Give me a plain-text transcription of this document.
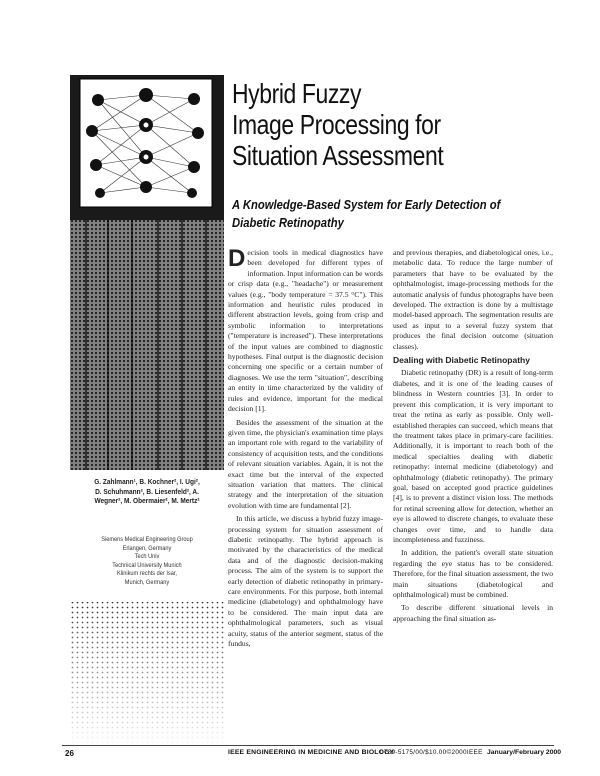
Hybrid Fuzzy
Image Processing for
Situation Assessment
A Knowledge-Based System for Early Detection of
Diabetic Retinopathy
G. Zahlmann¹, B. Kochner², I. Ugi²,
D. Schuhmann², B. Liesenfeld², A.
Wegner², M. Obermaier², M. Mertz²
Siemens Medical Engineering Group
Erlangen, Germany
Tech Univ
Technical University Munich
Klinikum rechts der Isar,
Munich, Germany

Decision tools in medical diagnostics have been developed for different types of information. Input information can be words or crisp data (e.g., "headache") or measurement values (e.g., "body temperature = 37.5 °C"). This information and heuristic rules produced in different abstraction levels, going from crisp and symbolic information to interpretations ("temperature is increased"). These interpretations of the input values are combined to diagnostic hypotheses. Final output is the diagnostic decision concerning one specific or a certain number of diagnoses. We use the term "situation", describing an entity in time characterized by the validity of rules and evidence, important for the medical decision [1].

Besides the assessment of the situation at the given time, the physician's examination time plays an important role with regard to the variability of consistency of acquisition tests, and the conditions of relevant situation variables. Again, it is not the exact time but the interval of the expected situation variation that matters. The clinical strategy and the interpretation of the situation evolution with time are fundamental [2].

In this article, we discuss a hybrid fuzzy image-processing system for situation assessment of diabetic retinopathy. The hybrid approach is motivated by the characteristics of the medical data and of the diagnostic decision-making process. The aim of the system is to support the early detection of diabetic retinopathy in primary-care environments. For this purpose, both internal medicine (diabetology) and ophthalmology have to be considered. The main input data are ophthalmological parameters, such as visual acuity, status of the anterior segment, status of the fundus,

and previous therapies, and diabetological ones, i.e., metabolic data. To reduce the large number of parameters that have to be evaluated by the ophthalmologist, image-processing methods for the automatic analysis of fundus photographs have been developed. The extraction is done by a multistage model-based approach. The segmentation results are used as input to a several fuzzy system that produces the final decision outcome (situation classes).

Dealing with Diabetic Retinopathy

Diabetic retinopathy (DR) is a result of long-term diabetes, and it is one of the leading causes of blindness in Western countries [3]. In order to prevent this complication, it is very important to treat the retina as early as possible. Only well-established therapies can succeed, which means that the treatment takes place in primary-care facilities. Additionally, it is important to reach both of the medical specialties dealing with diabetic retinopathy: internal medicine (diabetology) and ophthalmology (diabetic retinopathy). The primary goal, based on accepted good practice guidelines [4], is to prevent a distinct vision loss. The methods for retinal screening allow for detection, whether an eye is allowed to discrete changes, to evaluate these changes over time, and to handle data incompleteness and fuzziness.

In addition, the patient's overall state situation regarding the eye status has to be considered. Therefore, for the final situation assessment, the two main situations (diabetological and ophthalmological) must be combined.

To describe different situational levels in approaching the final situation as-

26	IEEE ENGINEERING IN MEDICINE AND BIOLOGY
0739-5175/00/$10.00©2000IEEE January/February 2000
